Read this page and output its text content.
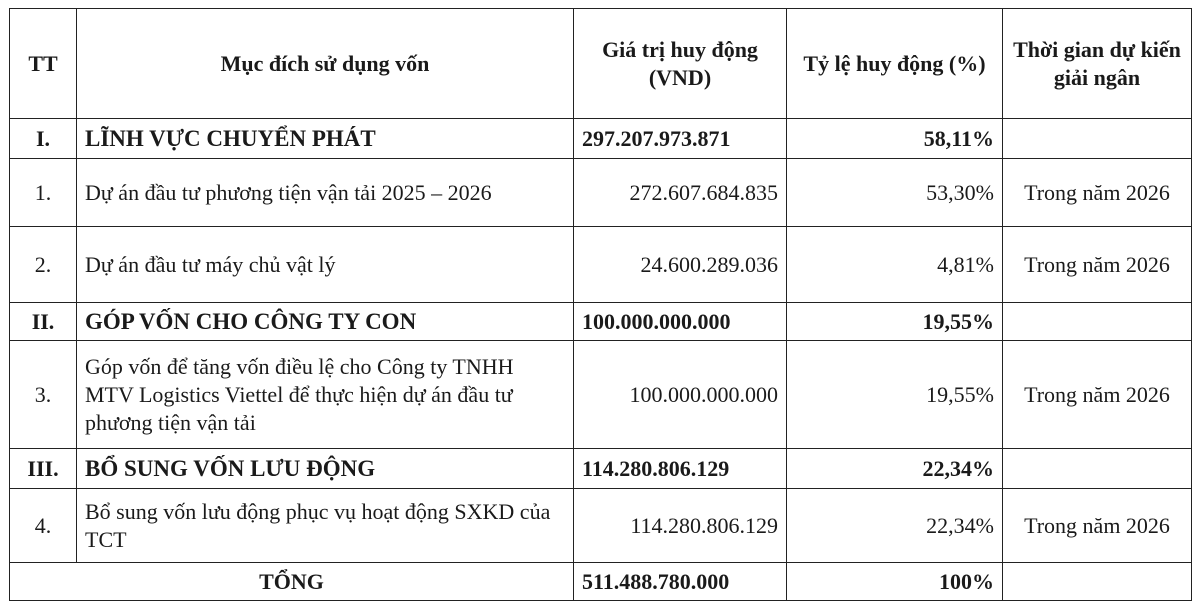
TT	Mục đích sử dụng vốn	Giá trị huy động (VND)	Tỷ lệ huy động (%)	Thời gian dự kiến giải ngân
I.	LĨNH VỰC CHUYỂN PHÁT	297.207.973.871	58,11%	
1.	Dự án đầu tư phương tiện vận tải 2025 – 2026	272.607.684.835	53,30%	Trong năm 2026
2.	Dự án đầu tư máy chủ vật lý	24.600.289.036	4,81%	Trong năm 2026
II.	GÓP VỐN CHO CÔNG TY CON	100.000.000.000	19,55%	
3.	Góp vốn để tăng vốn điều lệ cho Công ty TNHH MTV Logistics Viettel để thực hiện dự án đầu tư phương tiện vận tải	100.000.000.000	19,55%	Trong năm 2026
III.	BỔ SUNG VỐN LƯU ĐỘNG	114.280.806.129	22,34%	
4.	Bổ sung vốn lưu động phục vụ hoạt động SXKD của TCT	114.280.806.129	22,34%	Trong năm 2026
TỔNG		511.488.780.000	100%	
